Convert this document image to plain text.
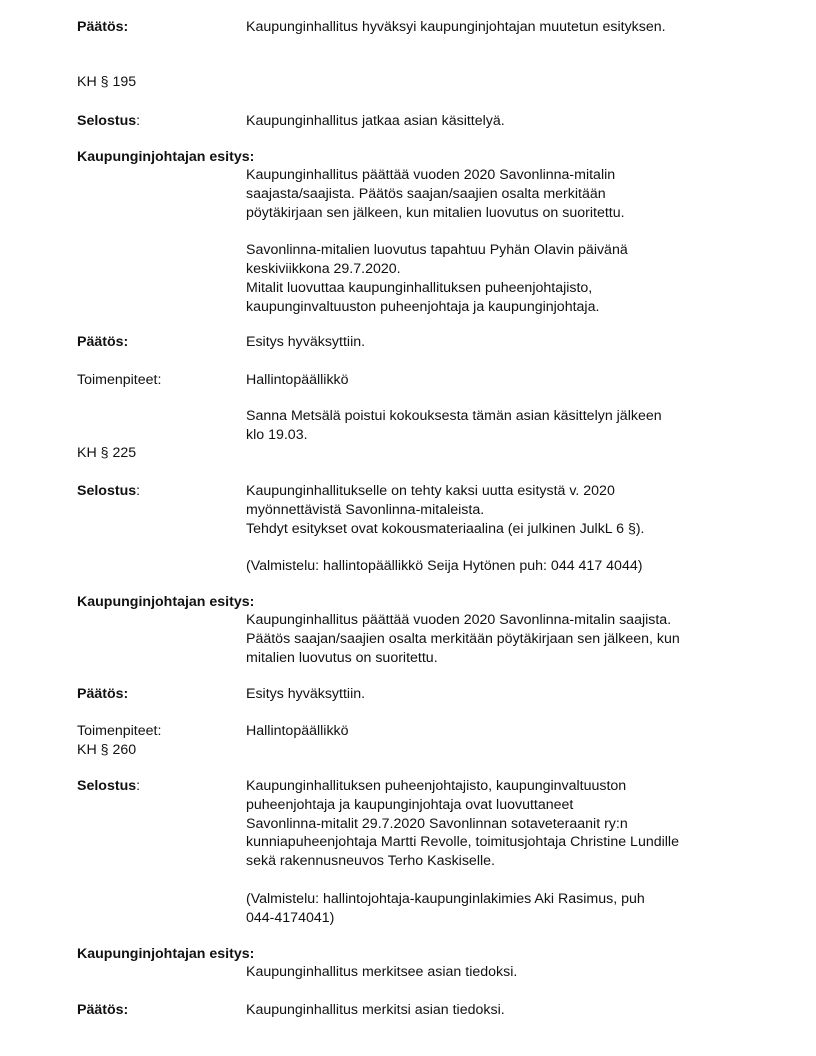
Päätös:	Kaupunginhallitus hyväksyi kaupunginjohtajan muutetun esityksen.
KH § 195
Selostus:	Kaupunginhallitus jatkaa asian käsittelyä.
Kaupunginjohtajan esitys:
Kaupunginhallitus päättää vuoden 2020 Savonlinna-mitalin
saajasta/saajista. Päätös saajan/saajien osalta merkitään
pöytäkirjaan sen jälkeen, kun mitalien luovutus on suoritettu.
Savonlinna-mitalien luovutus tapahtuu Pyhän Olavin päivänä
keskiviikkona 29.7.2020.
Mitalit luovuttaa kaupunginhallituksen puheenjohtajisto,
kaupunginvaltuuston puheenjohtaja ja kaupunginjohtaja.
Päätös:	Esitys hyväksyttiin.
Toimenpiteet:	Hallintopäällikkö
Sanna Metsälä poistui kokouksesta tämän asian käsittelyn jälkeen
klo 19.03.
KH § 225
Selostus:	Kaupunginhallitukselle on tehty kaksi uutta esitystä v. 2020
myönnettävistä Savonlinna-mitaleista.
Tehdyt esitykset ovat kokousmateriaalina (ei julkinen JulkL 6 §).
(Valmistelu: hallintopäällikkö Seija Hytönen puh: 044 417 4044)
Kaupunginjohtajan esitys:
Kaupunginhallitus päättää vuoden 2020 Savonlinna-mitalin saajista.
Päätös saajan/saajien osalta merkitään pöytäkirjaan sen jälkeen, kun
mitalien luovutus on suoritettu.
Päätös:	Esitys hyväksyttiin.
Toimenpiteet:	Hallintopäällikkö
KH § 260
Selostus:	Kaupunginhallituksen puheenjohtajisto, kaupunginvaltuuston
puheenjohtaja ja kaupunginjohtaja ovat luovuttaneet
Savonlinna-mitalit 29.7.2020 Savonlinnan sotaveteraanit ry:n
kunniapuheenjohtaja Martti Revolle, toimitusjohtaja Christine Lundille
sekä rakennusneuvos Terho Kaskiselle.
(Valmistelu: hallintojohtaja-kaupunginlakimies Aki Rasimus, puh
044-4174041)
Kaupunginjohtajan esitys:
Kaupunginhallitus merkitsee asian tiedoksi.
Päätös:	Kaupunginhallitus merkitsi asian tiedoksi.
